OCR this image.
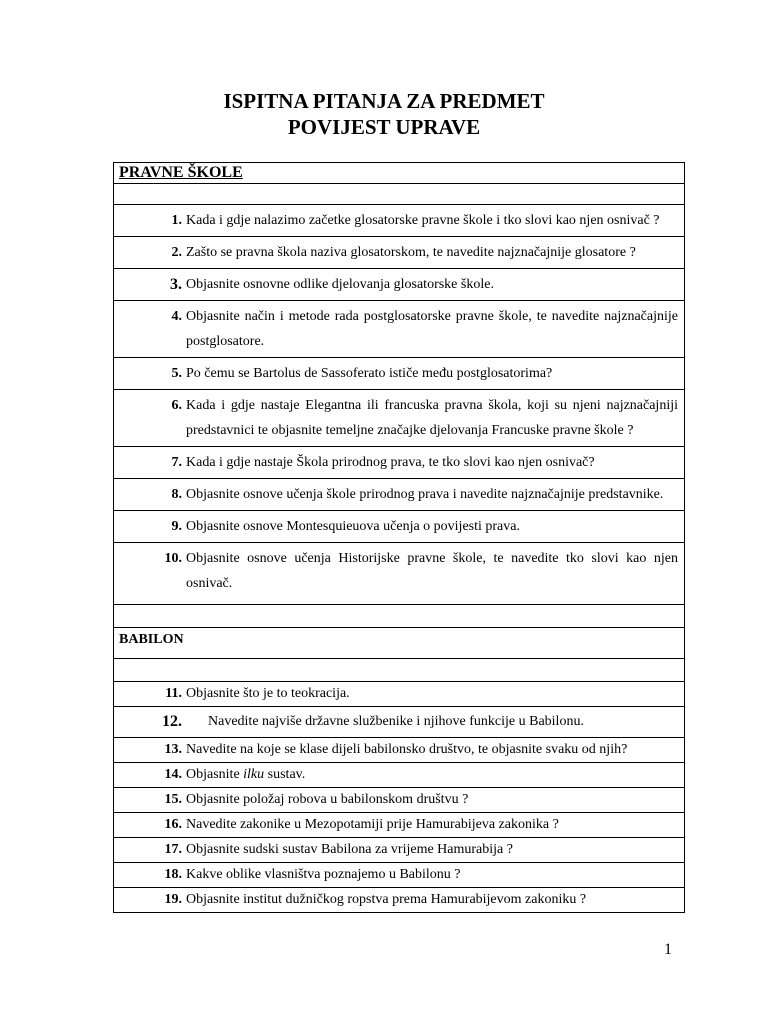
ISPITNA PITANJA ZA PREDMET
POVIJEST UPRAVE
PRAVNE ŠKOLE

1. Kada i gdje nalazimo začetke glosatorske pravne škole i tko slovi kao njen osnivač ?

2. Zašto se pravna škola naziva glosatorskom, te navedite najznačajnije glosatore ?

3. Objasnite osnovne odlike djelovanja glosatorske škole.

4. Objasnite način i metode rada postglosatorske pravne škole, te navedite najznačajnije postglosatore.

5. Po čemu se Bartolus de Sassoferato ističe među postglosatorima?

6. Kada i gdje nastaje Elegantna ili francuska pravna škola, koji su njeni najznačajniji predstavnici te objasnite temeljne značajke djelovanja Francuske pravne škole ?

7. Kada i gdje nastaje Škola prirodnog prava, te tko slovi kao njen osnivač?

8. Objasnite osnove učenja škole prirodnog prava i navedite najznačajnije predstavnike.

9. Objasnite osnove Montesquieuova učenja o povijesti prava.

10. Objasnite osnove učenja Historijske pravne škole, te navedite tko slovi kao njen osnivač.

BABILON

11. Objasnite što je to teokracija.

12.	Navedite najviše državne službenike i njihove funkcije u Babilonu.

13. Navedite na koje se klase dijeli babilonsko društvo, te objasnite svaku od njih?

14. Objasnite ilku sustav.

15. Objasnite položaj robova u babilonskom društvu ?

16. Navedite zakonike u Mezopotamiji prije Hamurabijeva zakonika ?

17. Objasnite sudski sustav Babilona za vrijeme Hamurabija ?

18. Kakve oblike vlasništva poznajemo u Babilonu ?

19. Objasnite institut dužničkog ropstva prema Hamurabijevom zakoniku ?
1
